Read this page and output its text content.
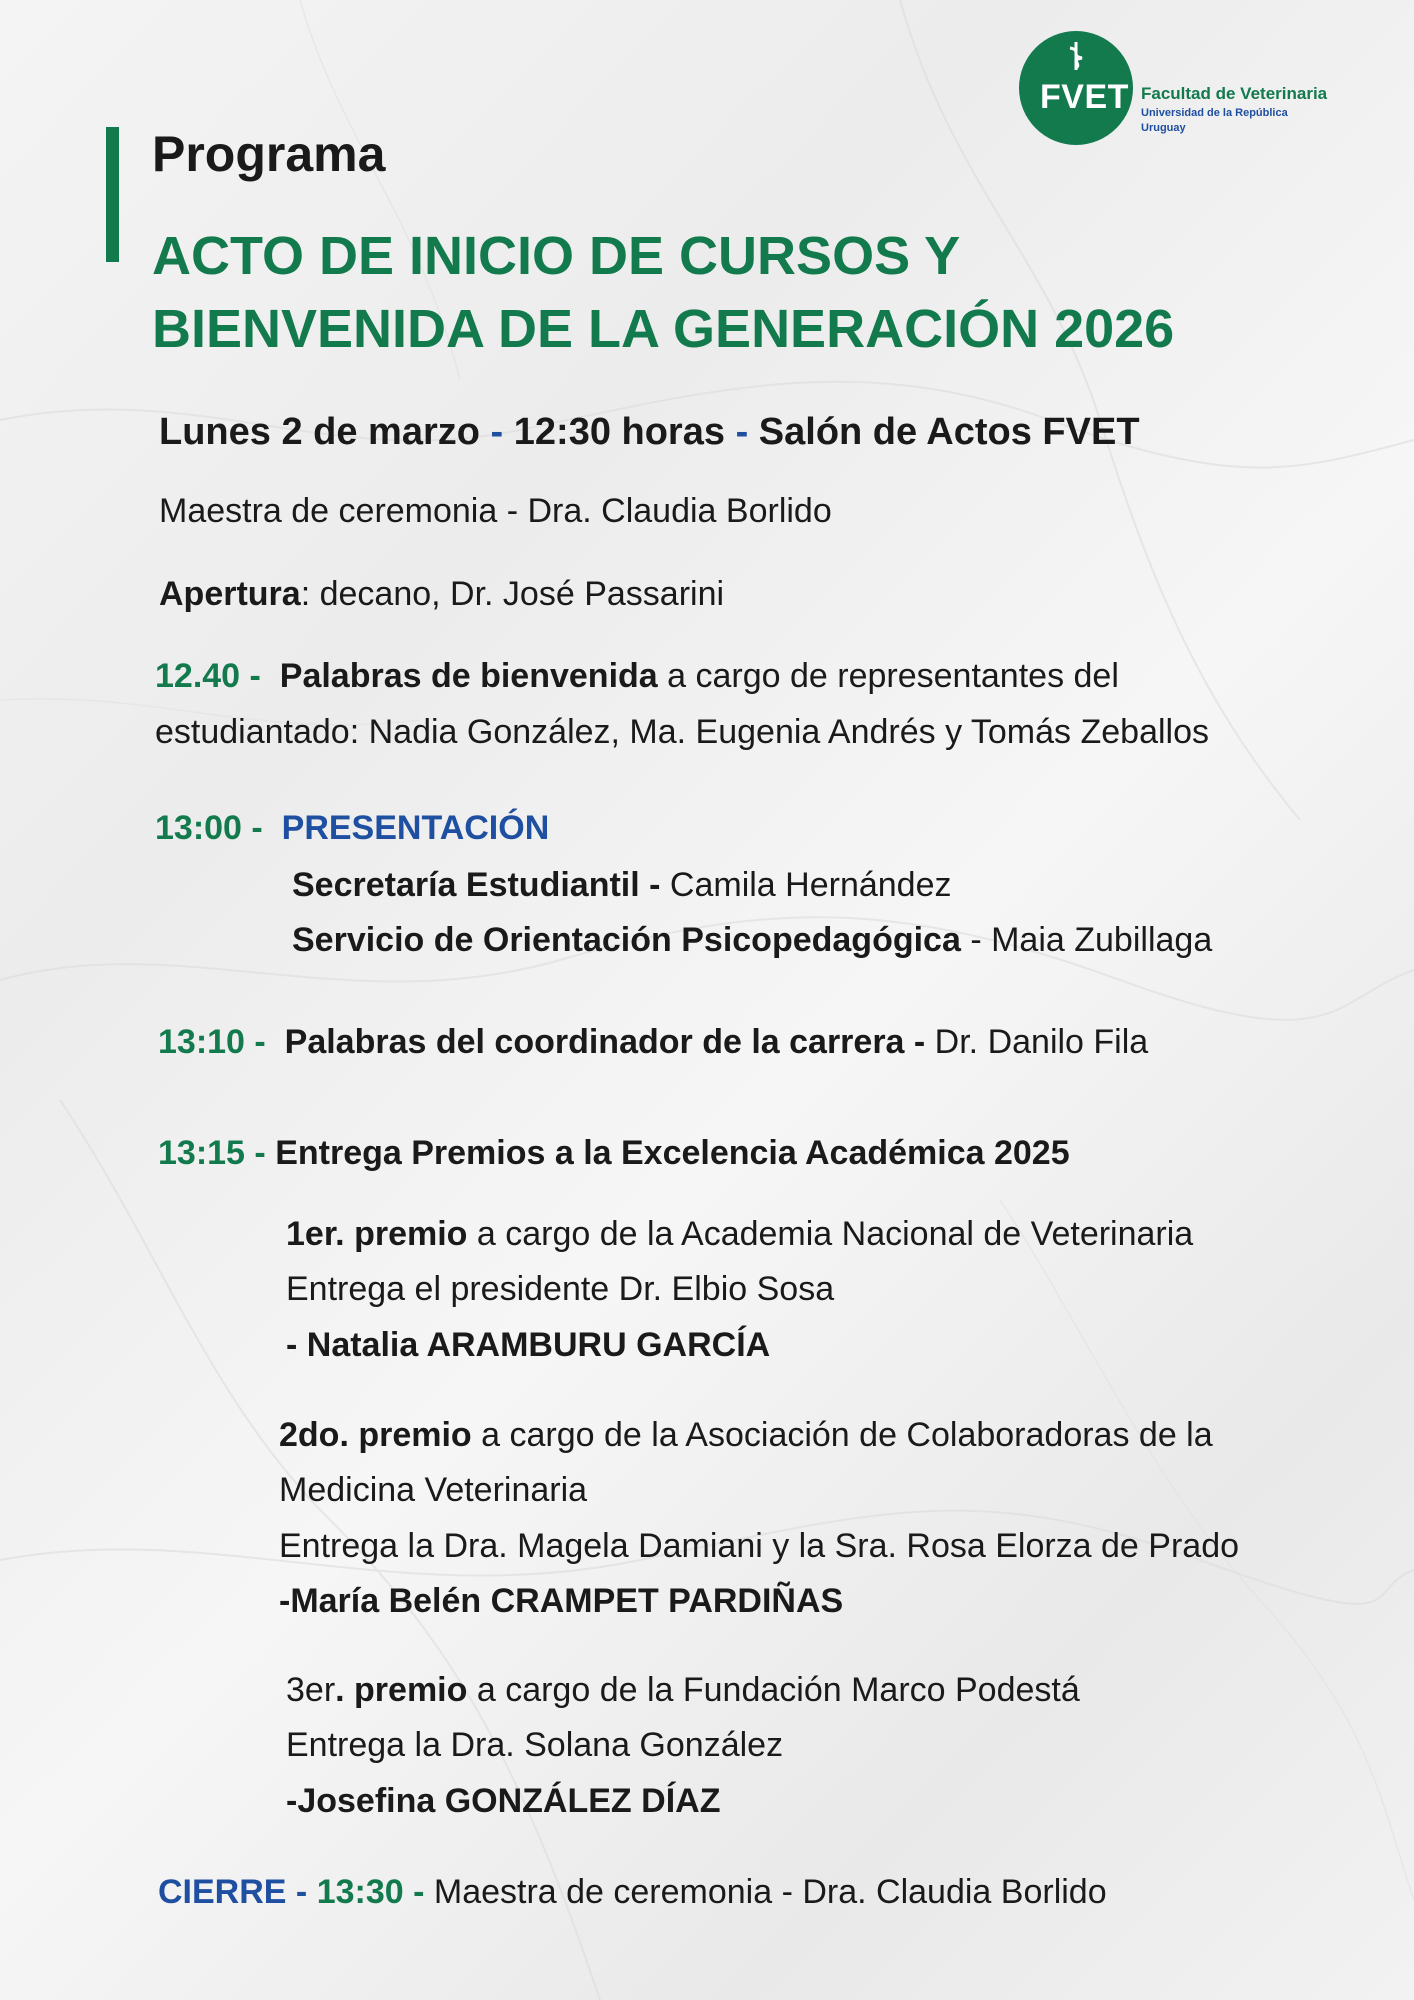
FVET Facultad de Veterinaria
Universidad de la República
Uruguay
Programa
ACTO DE INICIO DE CURSOS Y
BIENVENIDA DE LA GENERACIÓN 2026
Lunes 2 de marzo - 12:30 horas - Salón de Actos FVET
Maestra de ceremonia - Dra. Claudia Borlido
Apertura: decano, Dr. José Passarini
12.40 - Palabras de bienvenida a cargo de representantes del
estudiantado: Nadia González, Ma. Eugenia Andrés y Tomás Zeballos
13:00 - PRESENTACIÓN
Secretaría Estudiantil - Camila Hernández
Servicio de Orientación Psicopedagógica - Maia Zubillaga
13:10 - Palabras del coordinador de la carrera - Dr. Danilo Fila
13:15 - Entrega Premios a la Excelencia Académica 2025
1er. premio a cargo de la Academia Nacional de Veterinaria
Entrega el presidente Dr. Elbio Sosa
- Natalia ARAMBURU GARCÍA
2do. premio a cargo de la Asociación de Colaboradoras de la
Medicina Veterinaria
Entrega la Dra. Magela Damiani y la Sra. Rosa Elorza de Prado
-María Belén CRAMPET PARDIÑAS
3er. premio a cargo de la Fundación Marco Podestá
Entrega la Dra. Solana González
-Josefina GONZÁLEZ DÍAZ
CIERRE - 13:30 - Maestra de ceremonia - Dra. Claudia Borlido
